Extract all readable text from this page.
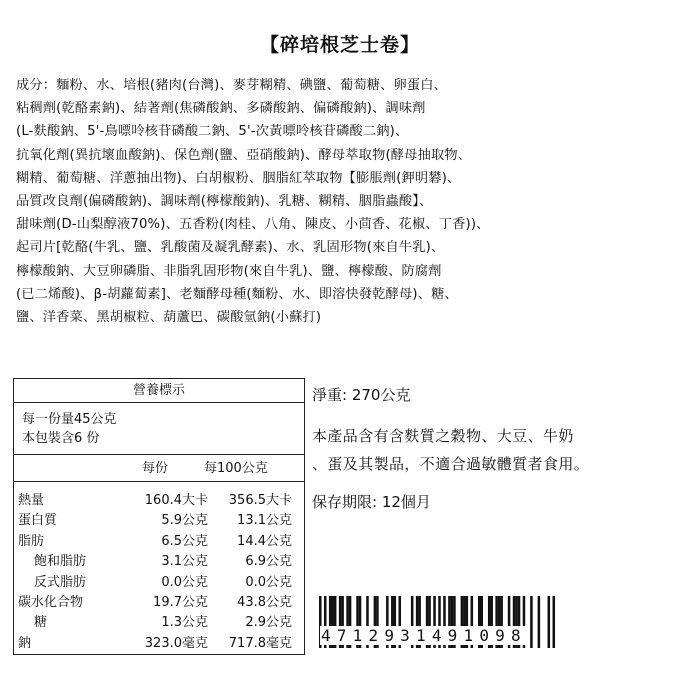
【碎培根芝士卷】
成分：麵粉、水、培根(豬肉(台灣)、麥芽糊精、碘鹽、葡萄糖、卵蛋白、
粘稠劑(乾酪素鈉)、結著劑(焦磷酸鈉、多磷酸鈉、偏磷酸鈉)、調味劑
(L-麩酸鈉、5'-鳥嘌呤核苷磷酸二鈉、5'-次黃嘌呤核苷磷酸二鈉)、
抗氧化劑(異抗壞血酸鈉)、保色劑(鹽、亞硝酸鈉)、酵母萃取物(酵母抽取物、
糊精、葡萄糖、洋蔥抽出物)、白胡椒粉、胭脂紅萃取物【膨脹劑(鉀明礬)、
品質改良劑(偏磷酸鈉)、調味劑(檸檬酸鈉)、乳糖、糊精、胭脂蟲酸】、
甜味劑(D-山梨醇液70%)、五香粉(肉桂、八角、陳皮、小茴香、花椒、丁香))、
起司片[乾酪(牛乳、鹽、乳酸菌及凝乳酵素)、水、乳固形物(來自牛乳)、
檸檬酸鈉、大豆卵磷脂、非脂乳固形物(來自牛乳)、鹽、檸檬酸、防腐劑
(已二烯酸)、β-胡蘿蔔素]、老麵酵母種(麵粉、水、即溶快發乾酵母)、糖、
鹽、洋香菜、黑胡椒粒、葫蘆巴、碳酸氫鈉(小蘇打)
營養標示
每一份量45公克
本包裝含6 份
每份	每100公克
熱量	160.4大卡 356.5大卡
蛋白質	5.9公克 13.1公克
脂肪	6.5公克 14.4公克
飽和脂肪	3.1公克	6.9公克
反式脂肪	0.0公克	0.0公克
碳水化合物	19.7公克 43.8公克
糖	1.3公克	2.9公克
鈉	323.0毫克 717.8毫克
淨重: 270公克
本產品含有含麩質之穀物、大豆、牛奶
、蛋及其製品，不適合過敏體質者食用。
保存期限: 12個月
4712931491098
